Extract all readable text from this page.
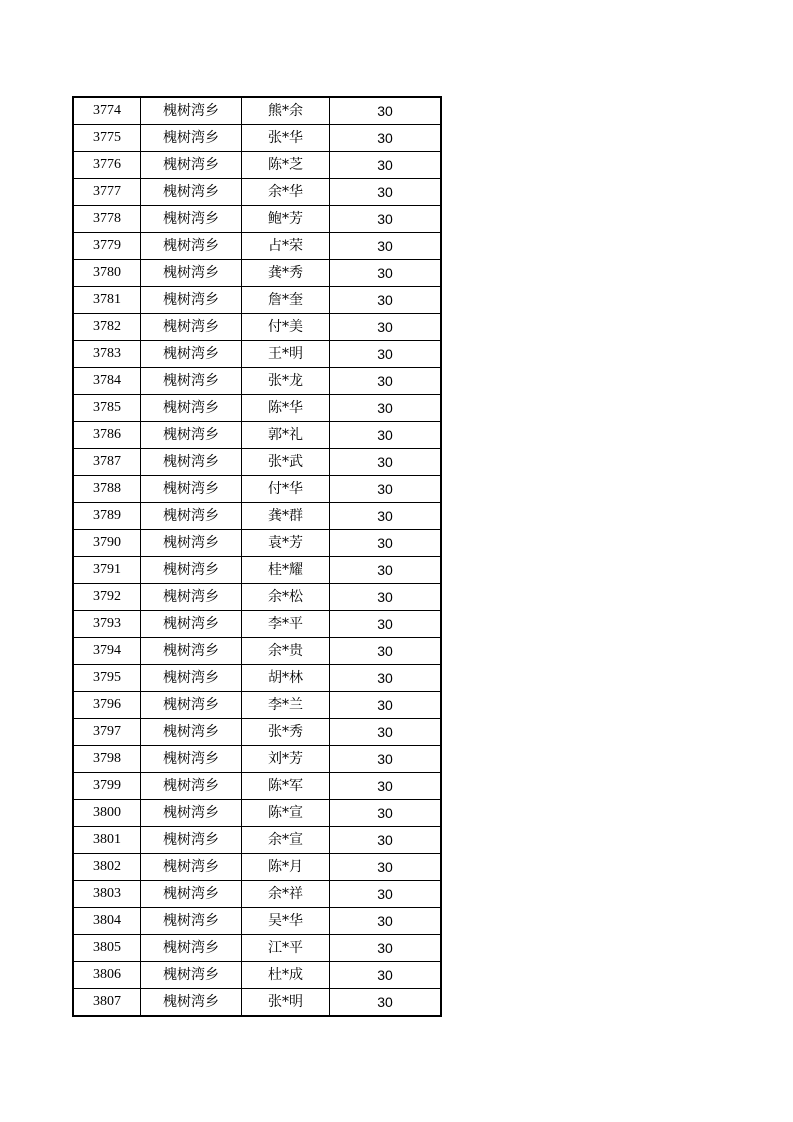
3774	槐树湾乡	熊*余	30
3775	槐树湾乡	张*华	30
3776	槐树湾乡	陈*芝	30
3777	槐树湾乡	余*华	30
3778	槐树湾乡	鲍*芳	30
3779	槐树湾乡	占*荣	30
3780	槐树湾乡	龚*秀	30
3781	槐树湾乡	詹*奎	30
3782	槐树湾乡	付*美	30
3783	槐树湾乡	王*明	30
3784	槐树湾乡	张*龙	30
3785	槐树湾乡	陈*华	30
3786	槐树湾乡	郭*礼	30
3787	槐树湾乡	张*武	30
3788	槐树湾乡	付*华	30
3789	槐树湾乡	龚*群	30
3790	槐树湾乡	袁*芳	30
3791	槐树湾乡	桂*耀	30
3792	槐树湾乡	余*松	30
3793	槐树湾乡	李*平	30
3794	槐树湾乡	余*贵	30
3795	槐树湾乡	胡*林	30
3796	槐树湾乡	李*兰	30
3797	槐树湾乡	张*秀	30
3798	槐树湾乡	刘*芳	30
3799	槐树湾乡	陈*军	30
3800	槐树湾乡	陈*宣	30
3801	槐树湾乡	余*宣	30
3802	槐树湾乡	陈*月	30
3803	槐树湾乡	余*祥	30
3804	槐树湾乡	吴*华	30
3805	槐树湾乡	江*平	30
3806	槐树湾乡	杜*成	30
3807	槐树湾乡	张*明	30
